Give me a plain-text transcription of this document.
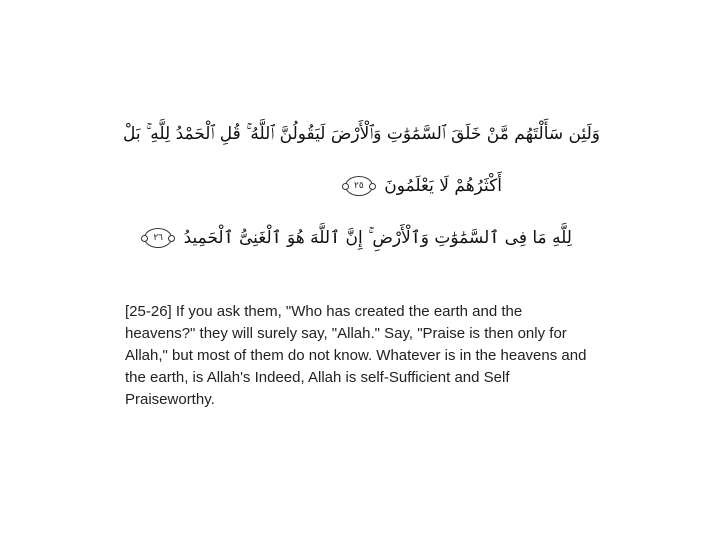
وَلَئِن سَأَلْتَهُم مَّنْ خَلَقَ ٱلسَّمَٰوَٰتِ وَٱلْأَرْضَ لَيَقُولُنَّ ٱللَّهُ ۚ قُلِ ٱلْحَمْدُ لِلَّهِ ۚ بَلْ
أَكْثَرُهُمْ لَا يَعْلَمُونَ ٢٥
لِلَّهِ مَا فِى ٱلسَّمَٰوَٰتِ وَٱلْأَرْضِ ۚ إِنَّ ٱللَّهَ هُوَ ٱلْغَنِىُّ ٱلْحَمِيدُ ٢٦

[25-26] If you ask them, "Who has created the earth and the heavens?" they will surely say, "Allah." Say, "Praise is then only for Allah," but most of them do not know. Whatever is in the heavens and the earth, is Allah's Indeed, Allah is self-Sufficient and Self Praiseworthy.
